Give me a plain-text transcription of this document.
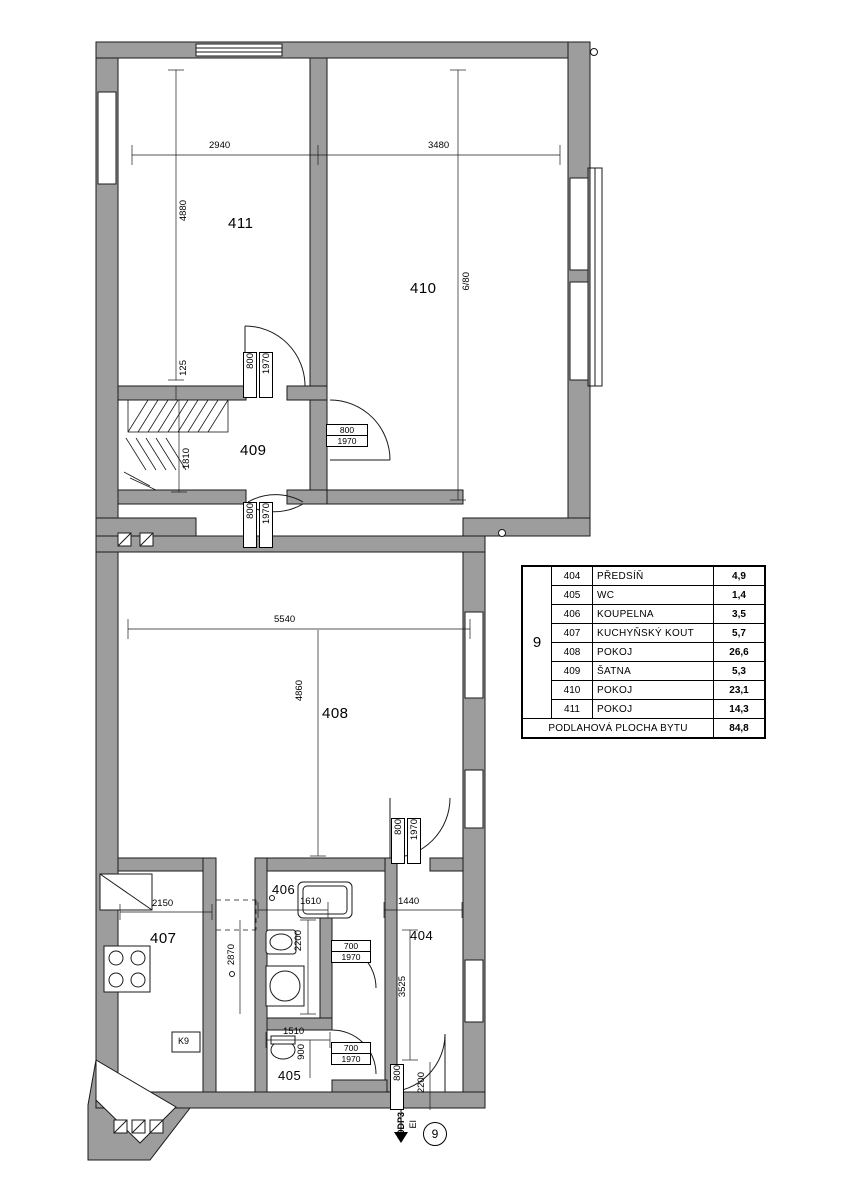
411
410
409
408
407
406
405
404
2940	3480
5540
2150	1610	1440
1510
4880
6/80
125
1810
4860
2200
2870
3525
900
2200
800 1970
800
1970
800 1970
800 1970
700
1970
700
1970
800
K9
30DP3 EI
9
9	404	PŘEDSÍŇ	4,9
	405	WC	1,4
	406	KOUPELNA	3,5
	407	KUCHYŇSKÝ KOUT	5,7
	408	POKOJ	26,6
	409	ŠATNA	5,3
	410	POKOJ	23,1
	411	POKOJ	14,3
PODLAHOVÁ PLOCHA BYTU			84,8
